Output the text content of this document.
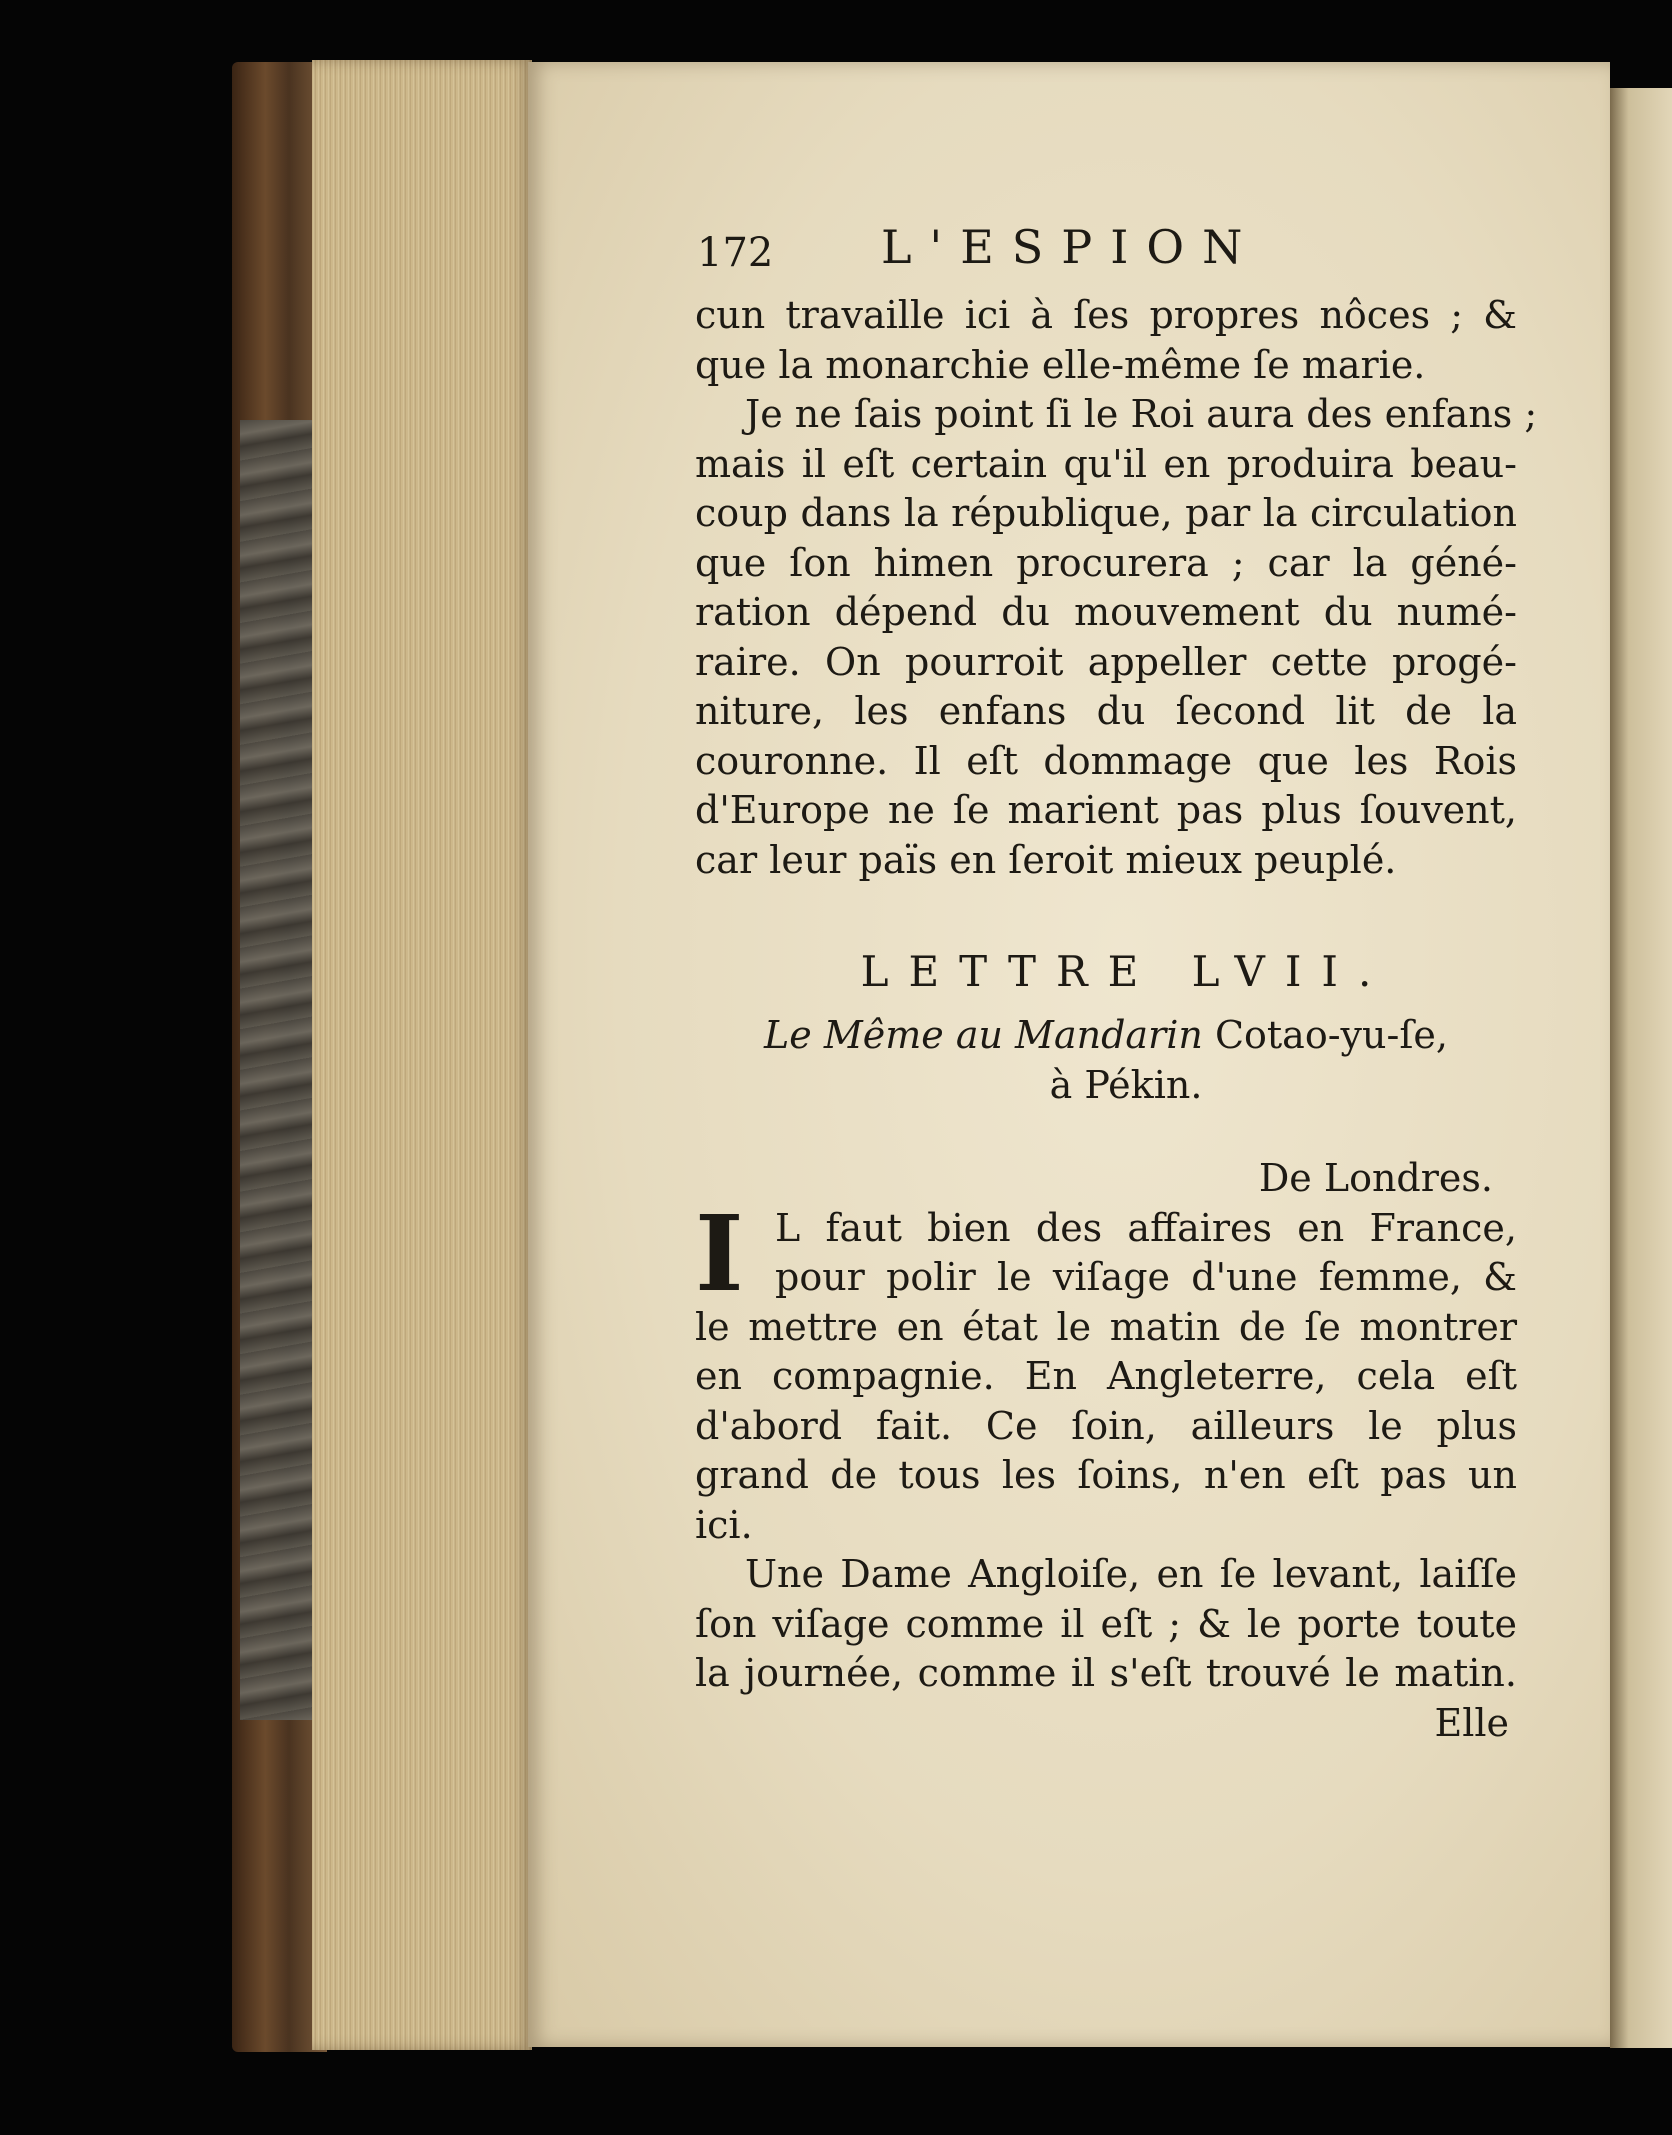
172 L'ESPION
cun travaille ici à ſes propres nôces ; &
que la monarchie elle-même ſe marie.
Je ne ſais point ſi le Roi aura des enfans ;
mais il eſt certain qu'il en produira beau-
coup dans la république, par la circulation
que ſon himen procurera ; car la géné-
ration dépend du mouvement du numé-
raire. On pourroit appeller cette progé-
niture, les enfans du ſecond lit de la
couronne. Il eſt dommage que les Rois
d'Europe ne ſe marient pas plus ſouvent,
car leur païs en ſeroit mieux peuplé.
LETTRE LVII.
Le Même au Mandarin Cotao-yu-ſe,
à Pékin.
De Londres.
I L faut bien des affaires en France,
pour polir le viſage d'une femme, &
le mettre en état le matin de ſe montrer
en compagnie. En Angleterre, cela eſt
d'abord fait. Ce ſoin, ailleurs le plus
grand de tous les ſoins, n'en eſt pas un
ici.
Une Dame Angloiſe, en ſe levant, laiſſe
ſon viſage comme il eſt ; & le porte toute
la journée, comme il s'eſt trouvé le matin.
Elle
